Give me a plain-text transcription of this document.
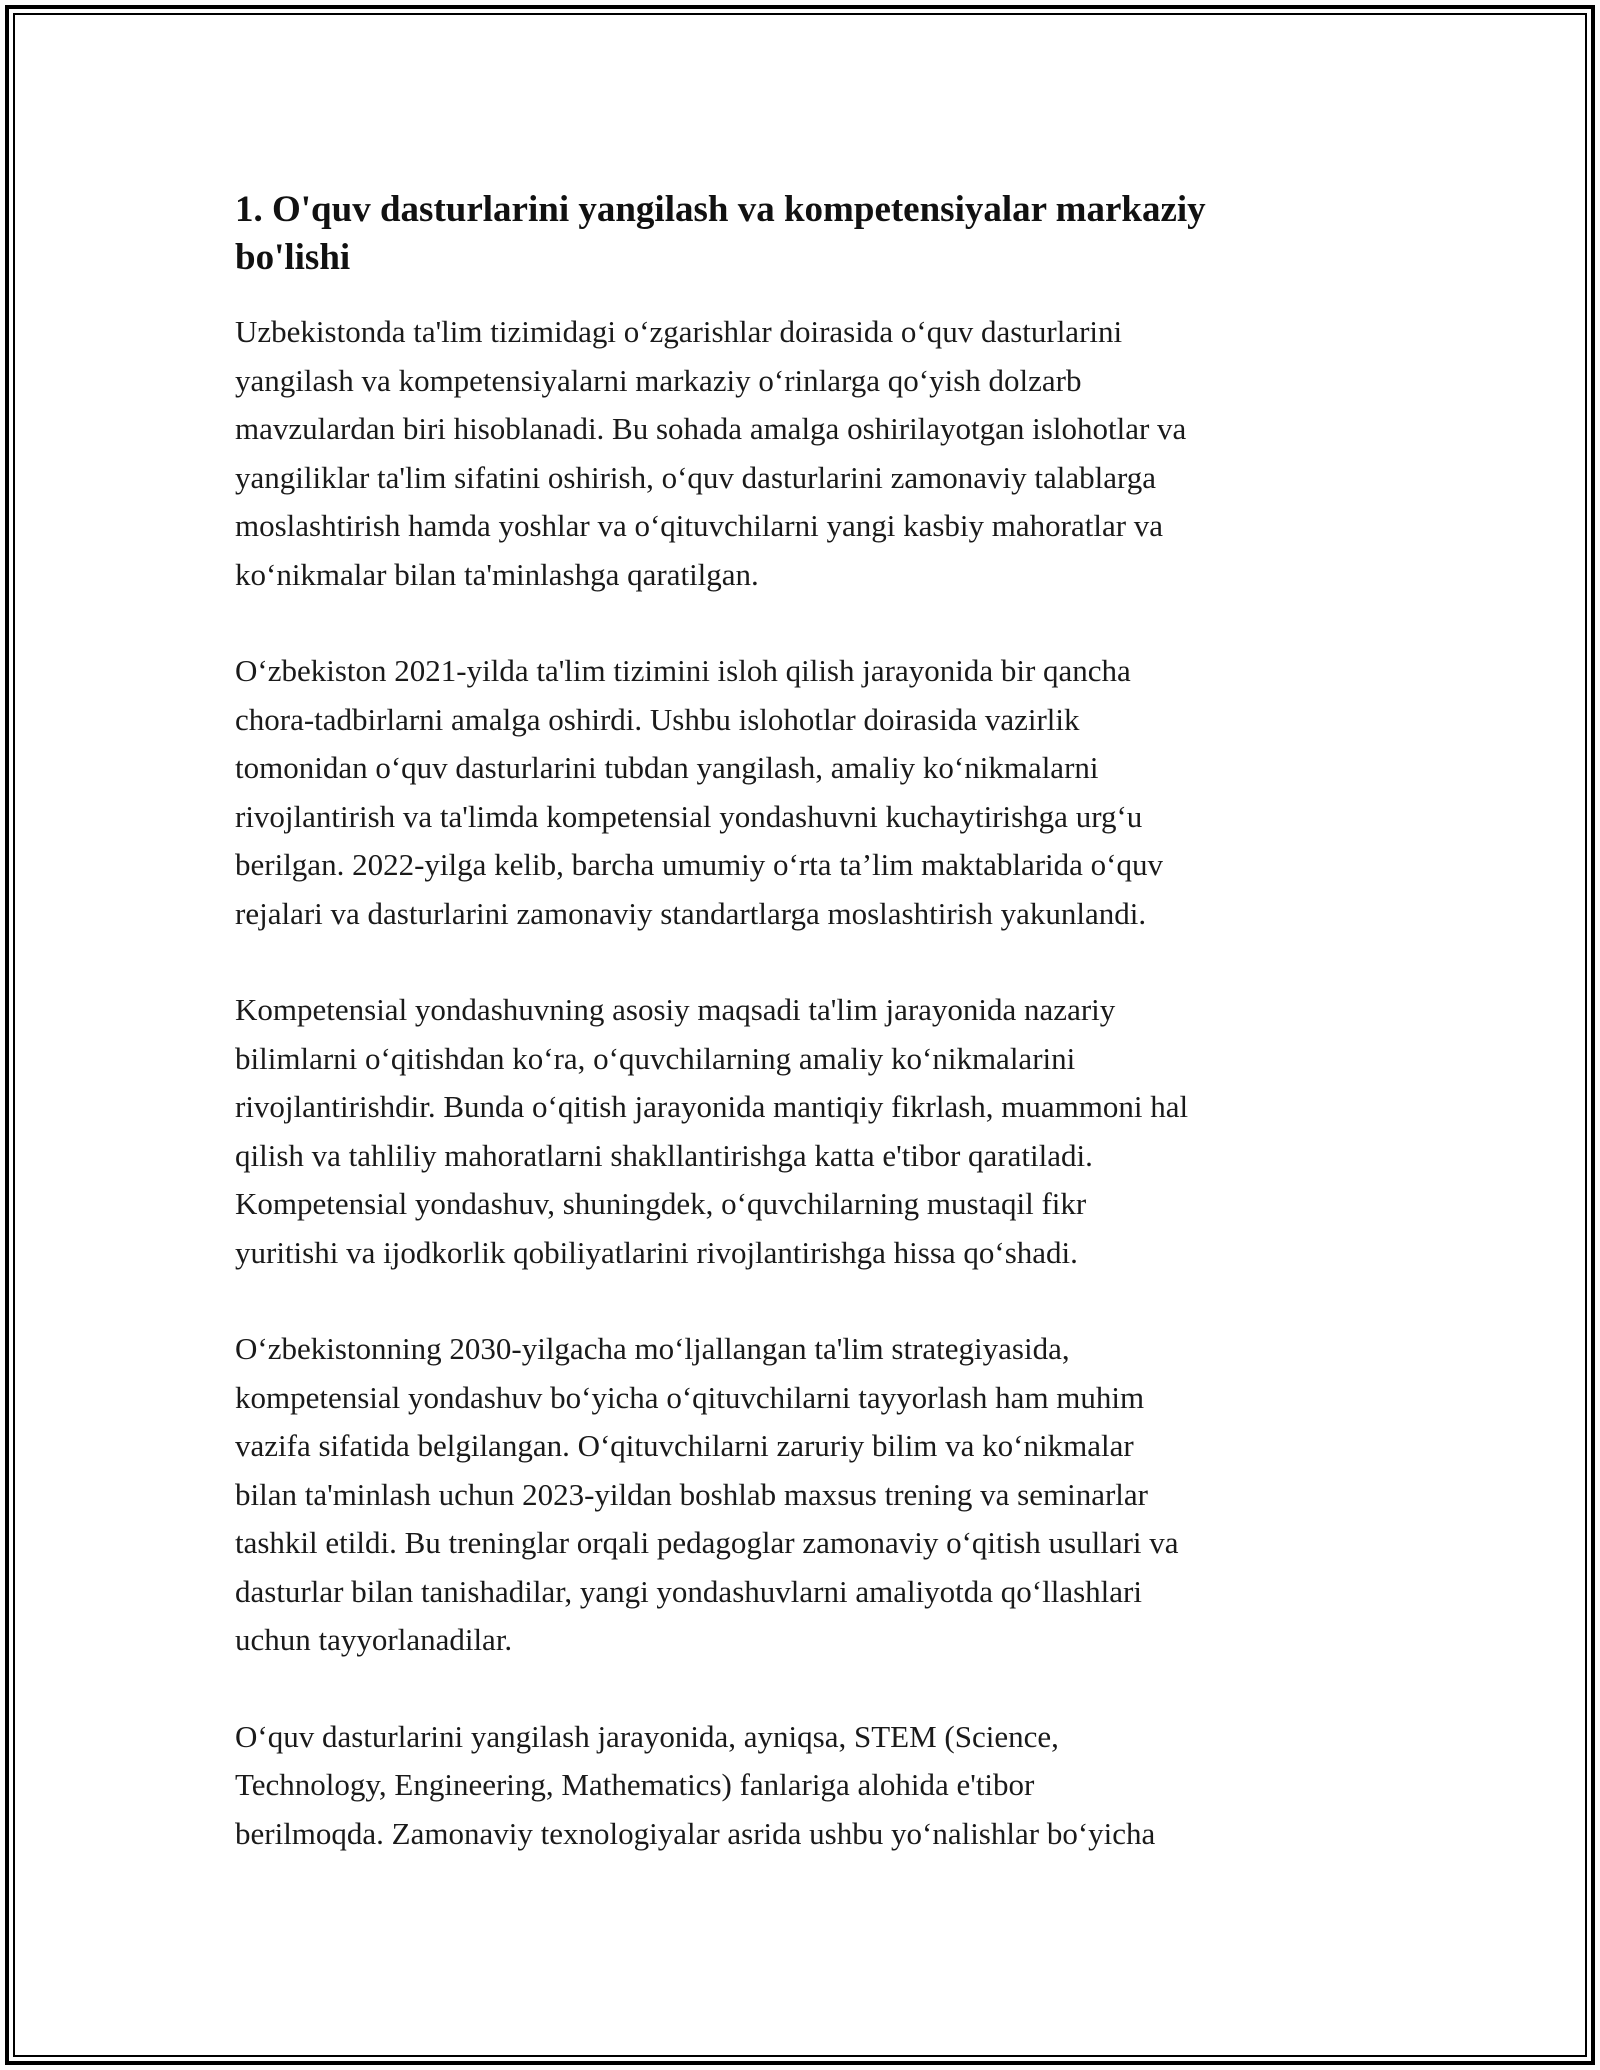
1. O'quv dasturlarini yangilash va kompetensiyalar markaziy
bo'lishi

Uzbekistonda ta'lim tizimidagi o‘zgarishlar doirasida o‘quv dasturlarini
yangilash va kompetensiyalarni markaziy o‘rinlarga qo‘yish dolzarb
mavzulardan biri hisoblanadi. Bu sohada amalga oshirilayotgan islohotlar va
yangiliklar ta'lim sifatini oshirish, o‘quv dasturlarini zamonaviy talablarga
moslashtirish hamda yoshlar va o‘qituvchilarni yangi kasbiy mahoratlar va
ko‘nikmalar bilan ta'minlashga qaratilgan.

O‘zbekiston 2021-yilda ta'lim tizimini isloh qilish jarayonida bir qancha
chora-tadbirlarni amalga oshirdi. Ushbu islohotlar doirasida vazirlik
tomonidan o‘quv dasturlarini tubdan yangilash, amaliy ko‘nikmalarni
rivojlantirish va ta'limda kompetensial yondashuvni kuchaytirishga urg‘u
berilgan. 2022-yilga kelib, barcha umumiy o‘rta ta’lim maktablarida o‘quv
rejalari va dasturlarini zamonaviy standartlarga moslashtirish yakunlandi.

Kompetensial yondashuvning asosiy maqsadi ta'lim jarayonida nazariy
bilimlarni o‘qitishdan ko‘ra, o‘quvchilarning amaliy ko‘nikmalarini
rivojlantirishdir. Bunda o‘qitish jarayonida mantiqiy fikrlash, muammoni hal
qilish va tahliliy mahoratlarni shakllantirishga katta e'tibor qaratiladi.
Kompetensial yondashuv, shuningdek, o‘quvchilarning mustaqil fikr
yuritishi va ijodkorlik qobiliyatlarini rivojlantirishga hissa qo‘shadi.

O‘zbekistonning 2030-yilgacha mo‘ljallangan ta'lim strategiyasida,
kompetensial yondashuv bo‘yicha o‘qituvchilarni tayyorlash ham muhim
vazifa sifatida belgilangan. O‘qituvchilarni zaruriy bilim va ko‘nikmalar
bilan ta'minlash uchun 2023-yildan boshlab maxsus trening va seminarlar
tashkil etildi. Bu treninglar orqali pedagoglar zamonaviy o‘qitish usullari va
dasturlar bilan tanishadilar, yangi yondashuvlarni amaliyotda qo‘llashlari
uchun tayyorlanadilar.

O‘quv dasturlarini yangilash jarayonida, ayniqsa, STEM (Science,
Technology, Engineering, Mathematics) fanlariga alohida e'tibor
berilmoqda. Zamonaviy texnologiyalar asrida ushbu yo‘nalishlar bo‘yicha
